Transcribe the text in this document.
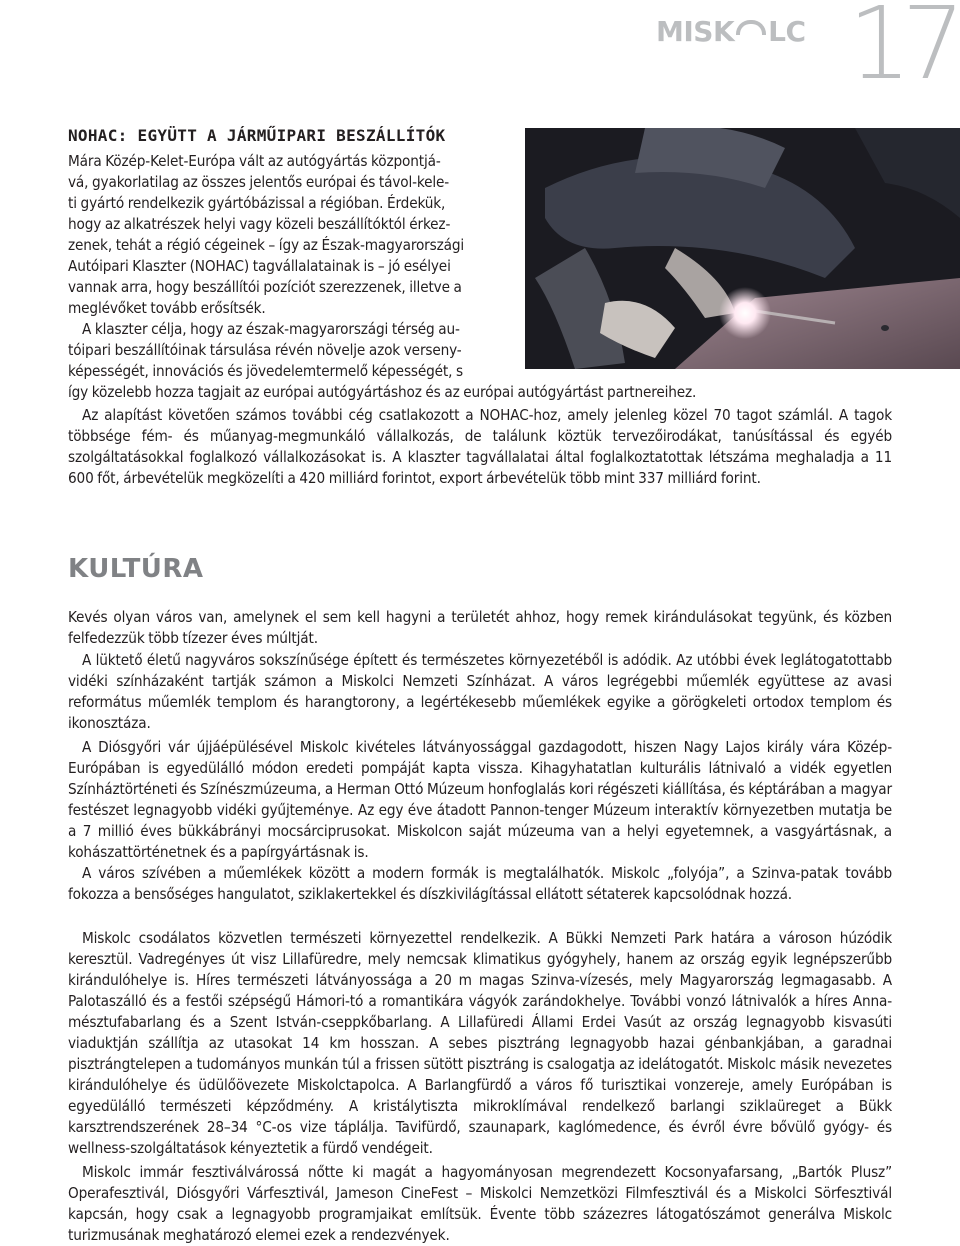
MISK LC 17
NOHAC: EGYÜTT A JÁRMŰIPARI BESZÁLLÍTÓK

Mára Közép-Kelet-Európa vált az autógyártás központjá-

vá, gyakorlatilag az összes jelentős európai és távol-kele-

ti gyártó rendelkezik gyártóbázissal a régióban. Érdekük,

hogy az alkatrészek helyi vagy közeli beszállítóktól érkez-

zenek, tehát a régió cégeinek – így az Észak-magyarországi

Autóipari Klaszter (NOHAC) tagvállalatainak is – jó esélyei

vannak arra, hogy beszállítói pozíciót szerezzenek, illetve a

meglévőket tovább erősítsék.

A klaszter célja, hogy az észak-magyarországi térség au-

tóipari beszállítóinak társulása révén növelje azok verseny-

képességét, innovációs és jövedelemtermelő képességét, s

így közelebb hozza tagjait az európai autógyártáshoz és az európai autógyártást partnereihez.

Az alapítást követően számos további cég csatlakozott a NOHAC-hoz, amely jelenleg közel 70 tagot számlál. A tagok többsége fém- és műanyag-megmunkáló vállalkozás, de találunk köztük tervezőirodákat, tanúsítással és egyéb szolgáltatásokkal foglalkozó vállalkozásokat is. A klaszter tagvállalatai által foglalkoztatottak létszáma meghaladja a 11 600 főt, árbevételük megközelíti a 420 milliárd forintot, export árbevételük több mint 337 milliárd forint.

KULTÚRA

Kevés olyan város van, amelynek el sem kell hagyni a területét ahhoz, hogy remek kirándulásokat tegyünk, és közben felfedezzük több tízezer éves múltját.

A lüktető életű nagyváros sokszínűsége épített és természetes környezetéből is adódik. Az utóbbi évek leglátogatottabb vidéki színházaként tartják számon a Miskolci Nemzeti Színházat. A város legrégebbi műemlék együttese az avasi református műemlék templom és harangtorony, a legértékesebb műemlékek egyike a görögkeleti ortodox templom és ikonosztáza.

A Diósgyőri vár újjáépülésével Miskolc kivételes látványossággal gazdagodott, hiszen Nagy Lajos király vára Közép-Európában is egyedülálló módon eredeti pompáját kapta vissza. Kihagyhatatlan kulturális látnivaló a vidék egyetlen Színháztörténeti és Színészmúzeuma, a Herman Ottó Múzeum honfoglalás kori régészeti kiállítása, és képtárában a magyar festészet legnagyobb vidéki gyűjteménye. Az egy éve átadott Pannon-tenger Múzeum interaktív környezetben mutatja be a 7 millió éves bükkábrányi mocsárciprusokat. Miskolcon saját múzeuma van a helyi egyetemnek, a vasgyártásnak, a kohászattörténetnek és a papírgyártásnak is.

A város szívében a műemlékek között a modern formák is megtalálhatók. Miskolc „folyója”, a Szinva-patak tovább fokozza a bensőséges hangulatot, sziklakertekkel és díszkivilágítással ellátott sétaterek kapcsolódnak hozzá.

Miskolc csodálatos közvetlen természeti környezettel rendelkezik. A Bükki Nemzeti Park határa a városon húzódik keresztül. Vadregényes út visz Lillafüredre, mely nemcsak klimatikus gyógyhely, hanem az ország egyik legnépszerűbb kirándulóhelye is. Híres természeti látványossága a 20 m magas Szinva-vízesés, mely Magyarország legmagasabb. A Palotaszálló és a festői szépségű Hámori-tó a romantikára vágyók zarándokhelye. További vonzó látnivalók a híres Anna-mésztufabarlang és a Szent István-cseppkőbarlang. A Lillafüredi Állami Erdei Vasút az ország legnagyobb kisvasúti viaduktján szállítja az utasokat 14 km hosszan. A sebes pisztráng legnagyobb hazai génbankjában, a garadnai pisztrángtelepen a tudományos munkán túl a frissen sütött pisztráng is csalogatja az idelátogatót. Miskolc másik nevezetes kirándulóhelye és üdülőövezete Miskolctapolca. A Barlangfürdő a város fő turisztikai vonzereje, amely Európában is egyedülálló természeti képződmény. A kristálytiszta mikroklímával rendelkező barlangi sziklaüreget a Bükk karsztrendszerének 28–34 °C-os vize táplálja. Tavifürdő, szaunapark, kaglómedence, és évről évre bővülő gyógy- és wellness-szolgáltatások kényeztetik a fürdő vendégeit.

Miskolc immár fesztiválvárossá nőtte ki magát a hagyományosan megrendezett Kocsonyafarsang, „Bartók Plusz” Operafesztivál, Diósgyőri Várfesztivál, Jameson CineFest – Miskolci Nemzetközi Filmfesztivál és a Miskolci Sörfesztivál kapcsán, hogy csak a legnagyobb programjaikat említsük. Évente több százezres látogatószámot generálva Miskolc turizmusának meghatározó elemei ezek a rendezvények.
